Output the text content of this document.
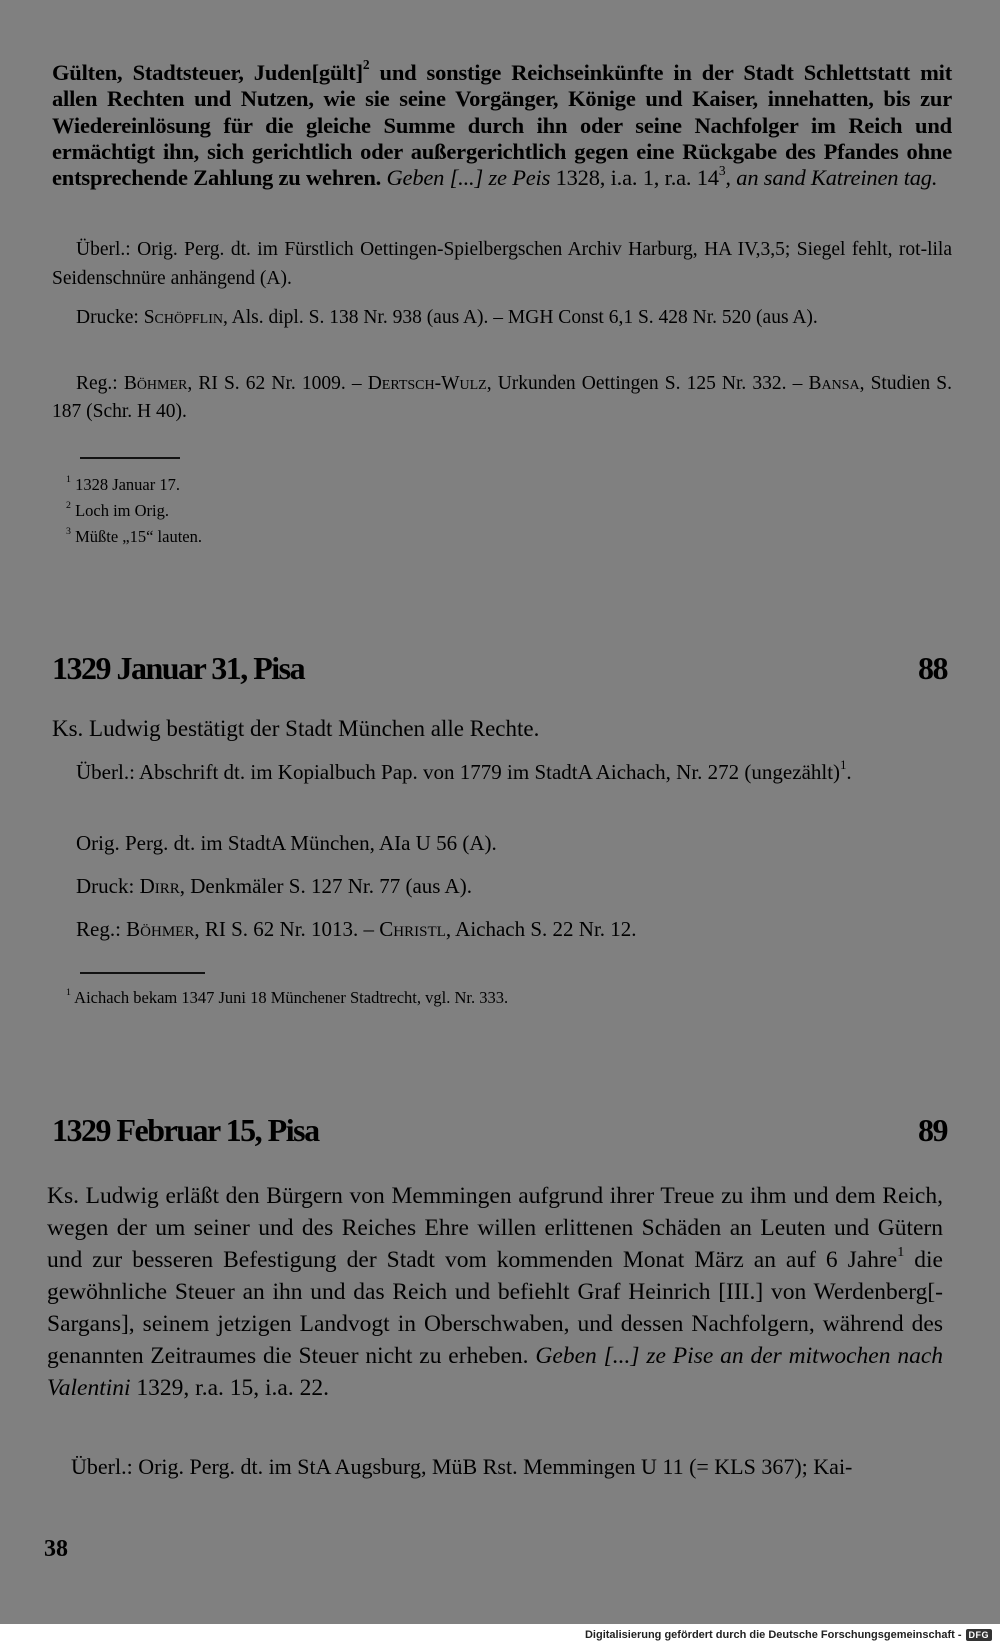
Gülten, Stadtsteuer, Juden[gült]$^2$ und sonstige Reichseinkünfte in der Stadt Schlettstatt mit allen Rechten und Nutzen, wie sie seine Vorgänger, Könige und Kaiser, innehatten, bis zur Wiedereinlösung für die gleiche Summe durch ihn oder seine Nachfolger im Reich und ermächtigt ihn, sich gerichtlich oder außergerichtlich gegen eine Rückgabe des Pfandes ohne entsprechende Zahlung zu wehren. Geben [...] ze Peis 1328, i.a. 1, r.a. $14^3$, an sand Katreinen tag.

Überl.: Orig. Perg. dt. im Fürstlich Oettingen-Spielbergschen Archiv Harburg, HA IV,3,5; Siegel fehlt, rot-lila Seidenschnüre anhängend (A).

Drucke: Schöpflin, Als. dipl. S. 138 Nr. 938 (aus A). – MGH Const 6,1 S. 428 Nr. 520 (aus A).

Reg.: Böhmer, RI S. 62 Nr. 1009. – Dertsch-Wulz, Urkunden Oettingen S. 125 Nr. 332. – Bansa, Studien S. 187 (Schr. H 40).

$^1$ 1328 Januar 17.

$^2$ Loch im Orig.

$^3$ Müßte „15“ lauten.

1329 Januar 31, Pisa	88

Ks. Ludwig bestätigt der Stadt München alle Rechte.

Überl.: Abschrift dt. im Kopialbuch Pap. von 1779 im StadtA Aichach, Nr. 272 (ungezählt)$^1$.

Orig. Perg. dt. im StadtA München, AIa U 56 (A).

Druck: Dirr, Denkmäler S. 127 Nr. 77 (aus A).

Reg.: Böhmer, RI S. 62 Nr. 1013. – Christl, Aichach S. 22 Nr. 12.

$^1$ Aichach bekam 1347 Juni 18 Münchener Stadtrecht, vgl. Nr. 333.

1329 Februar 15, Pisa	89

Ks. Ludwig erläßt den Bürgern von Memmingen aufgrund ihrer Treue zu ihm und dem Reich, wegen der um seiner und des Reiches Ehre willen erlittenen Schäden an Leuten und Gütern und zur besseren Befestigung der Stadt vom kommenden Monat März an auf 6 Jahre$^1$ die gewöhnliche Steuer an ihn und das Reich und befiehlt Graf Heinrich [III.] von Werdenberg[-Sargans], seinem jetzigen Landvogt in Oberschwaben, und dessen Nachfolgern, während des genannten Zeitraumes die Steuer nicht zu erheben. Geben [...] ze Pise an der mitwochen nach Valentini 1329, r.a. 15, i.a. 22.

Überl.: Orig. Perg. dt. im StA Augsburg, MüB Rst. Memmingen U 11 (= KLS 367); Kai-

38
Digitalisierung gefördert durch die Deutsche Forschungsgemeinschaft - DFG
